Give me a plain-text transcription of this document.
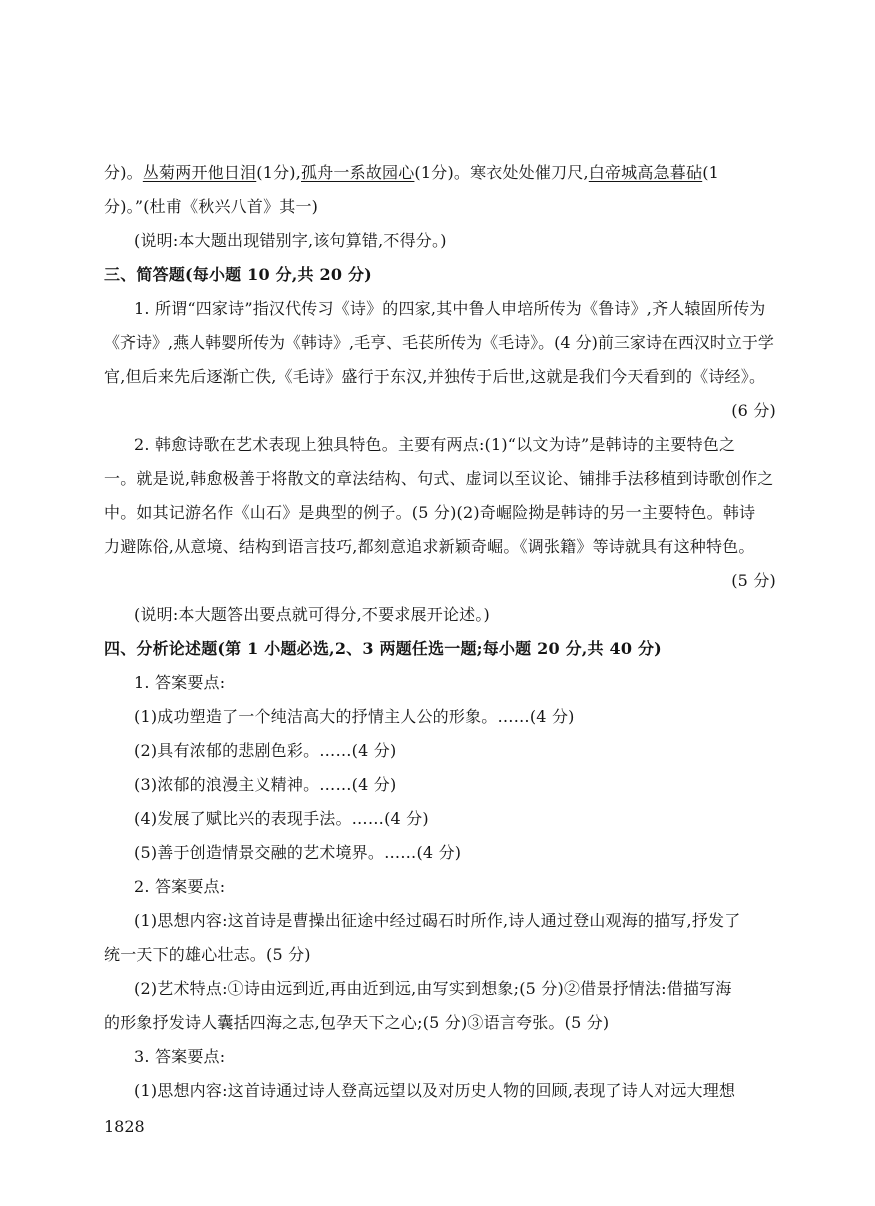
分)。丛菊两开他日泪(1分),孤舟一系故园心(1分)。寒衣处处催刀尺,白帝城高急暮砧(1
分)。”(杜甫《秋兴八首》其一)
(说明:本大题出现错别字,该句算错,不得分。)
三、简答题(每小题 10 分,共 20 分)
1. 所谓“四家诗”指汉代传习《诗》的四家,其中鲁人申培所传为《鲁诗》,齐人辕固所传为
《齐诗》,燕人韩婴所传为《韩诗》,毛亨、毛苌所传为《毛诗》。(4 分)前三家诗在西汉时立于学
官,但后来先后逐渐亡佚,《毛诗》盛行于东汉,并独传于后世,这就是我们今天看到的《诗经》。
(6 分)
2. 韩愈诗歌在艺术表现上独具特色。主要有两点:(1)“以文为诗”是韩诗的主要特色之
一。就是说,韩愈极善于将散文的章法结构、句式、虚词以至议论、铺排手法移植到诗歌创作之
中。如其记游名作《山石》是典型的例子。(5 分)(2)奇崛险拗是韩诗的另一主要特色。韩诗
力避陈俗,从意境、结构到语言技巧,都刻意追求新颖奇崛。《调张籍》等诗就具有这种特色。
(5 分)
(说明:本大题答出要点就可得分,不要求展开论述。)
四、分析论述题(第 1 小题必选,2、3 两题任选一题;每小题 20 分,共 40 分)
1. 答案要点:
(1)成功塑造了一个纯洁高大的抒情主人公的形象。……(4 分)
(2)具有浓郁的悲剧色彩。……(4 分)
(3)浓郁的浪漫主义精神。……(4 分)
(4)发展了赋比兴的表现手法。……(4 分)
(5)善于创造情景交融的艺术境界。……(4 分)
2. 答案要点:
(1)思想内容:这首诗是曹操出征途中经过碣石时所作,诗人通过登山观海的描写,抒发了
统一天下的雄心壮志。(5 分)
(2)艺术特点:①诗由远到近,再由近到远,由写实到想象;(5 分)②借景抒情法:借描写海
的形象抒发诗人囊括四海之志,包孕天下之心;(5 分)③语言夸张。(5 分)
3. 答案要点:
(1)思想内容:这首诗通过诗人登高远望以及对历史人物的回顾,表现了诗人对远大理想
1828
